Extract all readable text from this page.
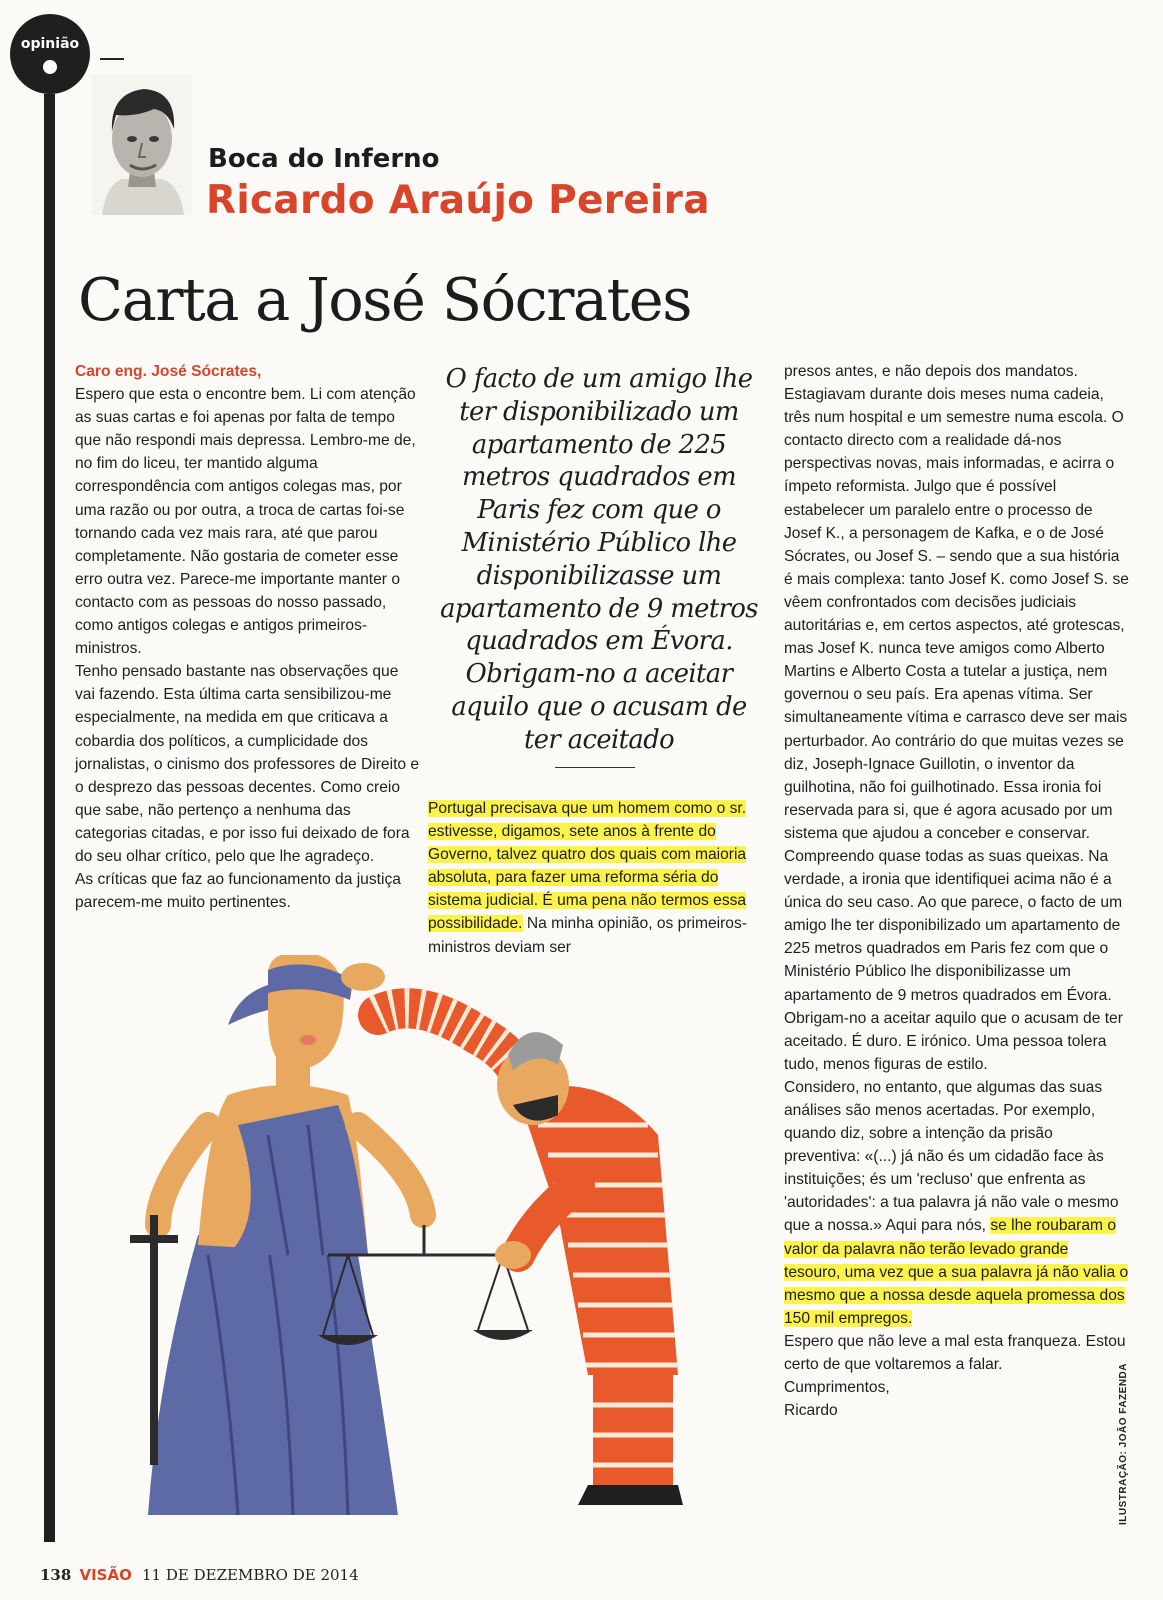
opinião
Boca do Inferno
Ricardo Araújo Pereira
Carta a José Sócrates

Caro eng. José Sócrates,

Espero que esta o encontre bem. Li com atenção as suas cartas e foi apenas por falta de tempo que não respondi mais depressa. Lembro-me de, no fim do liceu, ter mantido alguma correspondência com antigos colegas mas, por uma razão ou por outra, a troca de cartas foi-se tornando cada vez mais rara, até que parou completamente. Não gostaria de cometer esse erro outra vez. Parece-me importante manter o contacto com as pessoas do nosso passado, como antigos colegas e antigos primeiros-ministros.

Tenho pensado bastante nas observações que vai fazendo. Esta última carta sensibilizou-me especialmente, na medida em que criticava a cobardia dos políticos, a cumplicidade dos jornalistas, o cinismo dos professores de Direito e o desprezo das pessoas decentes. Como creio que sabe, não pertenço a nenhuma das categorias citadas, e por isso fui deixado de fora do seu olhar crítico, pelo que lhe agradeço.

As críticas que faz ao funcionamento da justiça parecem-me muito pertinentes.

O facto de um amigo lhe ter disponibilizado um apartamento de 225 metros quadrados em Paris fez com que o Ministério Público lhe disponibilizasse um apartamento de 9 metros quadrados em Évora. Obrigam-no a aceitar aquilo que o acusam de ter aceitado

Portugal precisava que um homem como o sr. estivesse, digamos, sete anos à frente do Governo, talvez quatro dos quais com maioria absoluta, para fazer uma reforma séria do sistema judicial. É uma pena não termos essa possibilidade. Na minha opinião, os primeiros-ministros deviam ser

presos antes, e não depois dos mandatos. Estagiavam durante dois meses numa cadeia, três num hospital e um semestre numa escola. O contacto directo com a realidade dá-nos perspectivas novas, mais informadas, e acirra o ímpeto reformista. Julgo que é possível estabelecer um paralelo entre o processo de Josef K., a personagem de Kafka, e o de José Sócrates, ou Josef S. – sendo que a sua história é mais complexa: tanto Josef K. como Josef S. se vêem confrontados com decisões judiciais autoritárias e, em certos aspectos, até grotescas, mas Josef K. nunca teve amigos como Alberto Martins e Alberto Costa a tutelar a justiça, nem governou o seu país. Era apenas vítima. Ser simultaneamente vítima e carrasco deve ser mais perturbador. Ao contrário do que muitas vezes se diz, Joseph-Ignace Guillotin, o inventor da guilhotina, não foi guilhotinado. Essa ironia foi reservada para si, que é agora acusado por um sistema que ajudou a conceber e conservar.

Compreendo quase todas as suas queixas. Na verdade, a ironia que identifiquei acima não é a única do seu caso. Ao que parece, o facto de um amigo lhe ter disponibilizado um apartamento de 225 metros quadrados em Paris fez com que o Ministério Público lhe disponibilizasse um apartamento de 9 metros quadrados em Évora. Obrigam-no a aceitar aquilo que o acusam de ter aceitado. É duro. E irónico. Uma pessoa tolera tudo, menos figuras de estilo.

Considero, no entanto, que algumas das suas análises são menos acertadas. Por exemplo, quando diz, sobre a intenção da prisão preventiva: «(...) já não és um cidadão face às instituições; és um 'recluso' que enfrenta as 'autoridades': a tua palavra já não vale o mesmo que a nossa.» Aqui para nós, se lhe roubaram o valor da palavra não terão levado grande tesouro, uma vez que a sua palavra já não valia o mesmo que a nossa desde aquela promessa dos 150 mil empregos.

Espero que não leve a mal esta franqueza. Estou certo de que voltaremos a falar.

Cumprimentos,

Ricardo	ILUSTRAÇÃO: JOÃO FAZENDA
138 VISÃO 11 DE DEZEMBRO DE 2014
